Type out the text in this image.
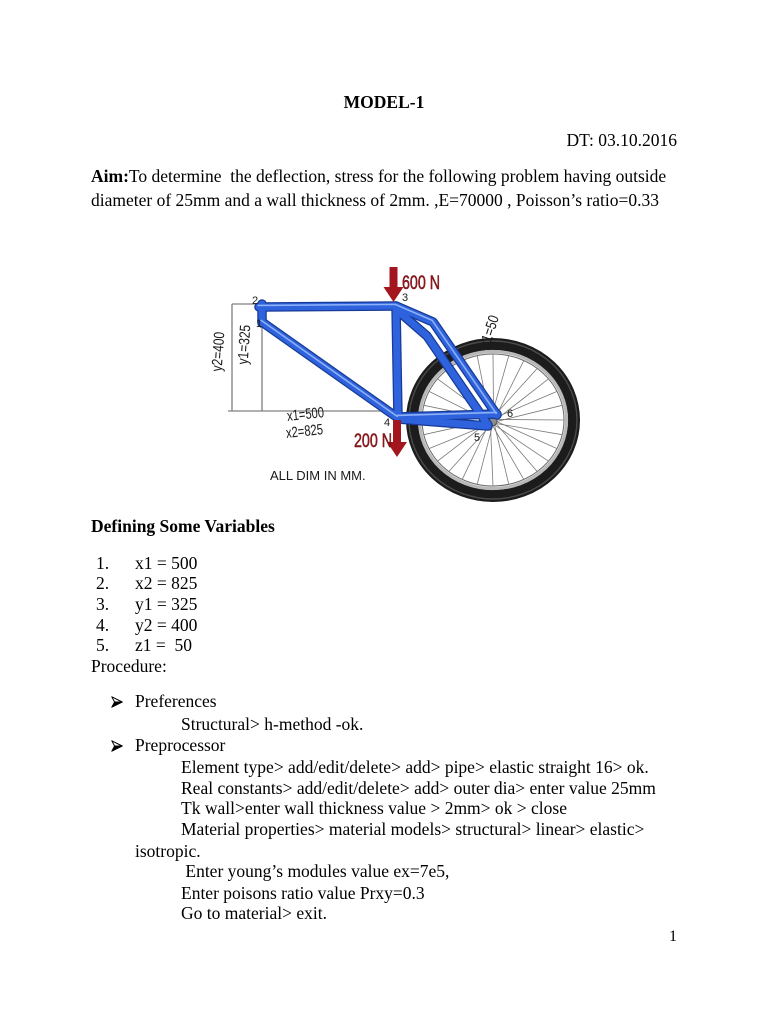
MODEL-1
DT: 03.10.2016
Aim:To determine  the deflection, stress for the following problem having outside
diameter of 25mm and a wall thickness of 2mm. ,E=70000 , Poisson’s ratio=0.33
600 N
200 N
1
2	3
4
5
6
y2=400 y1=325	z1=50
x1=500
x2=825
ALL DIM IN MM.
Defining Some Variables
1. x1 = 500
2. x2 = 825
3. y1 = 325
4. y2 = 400
5. z1 =  50
Procedure:
Preferences
Structural> h-method -ok.
Preprocessor
Element type> add/edit/delete> add> pipe> elastic straight 16> ok.
Real constants> add/edit/delete> add> outer dia> enter value 25mm
Tk wall>enter wall thickness value > 2mm> ok > close
Material properties> material models> structural> linear> elastic>
isotropic.
Enter young’s modules value ex=7e5,
Enter poisons ratio value Prxy=0.3
Go to material> exit.
1
